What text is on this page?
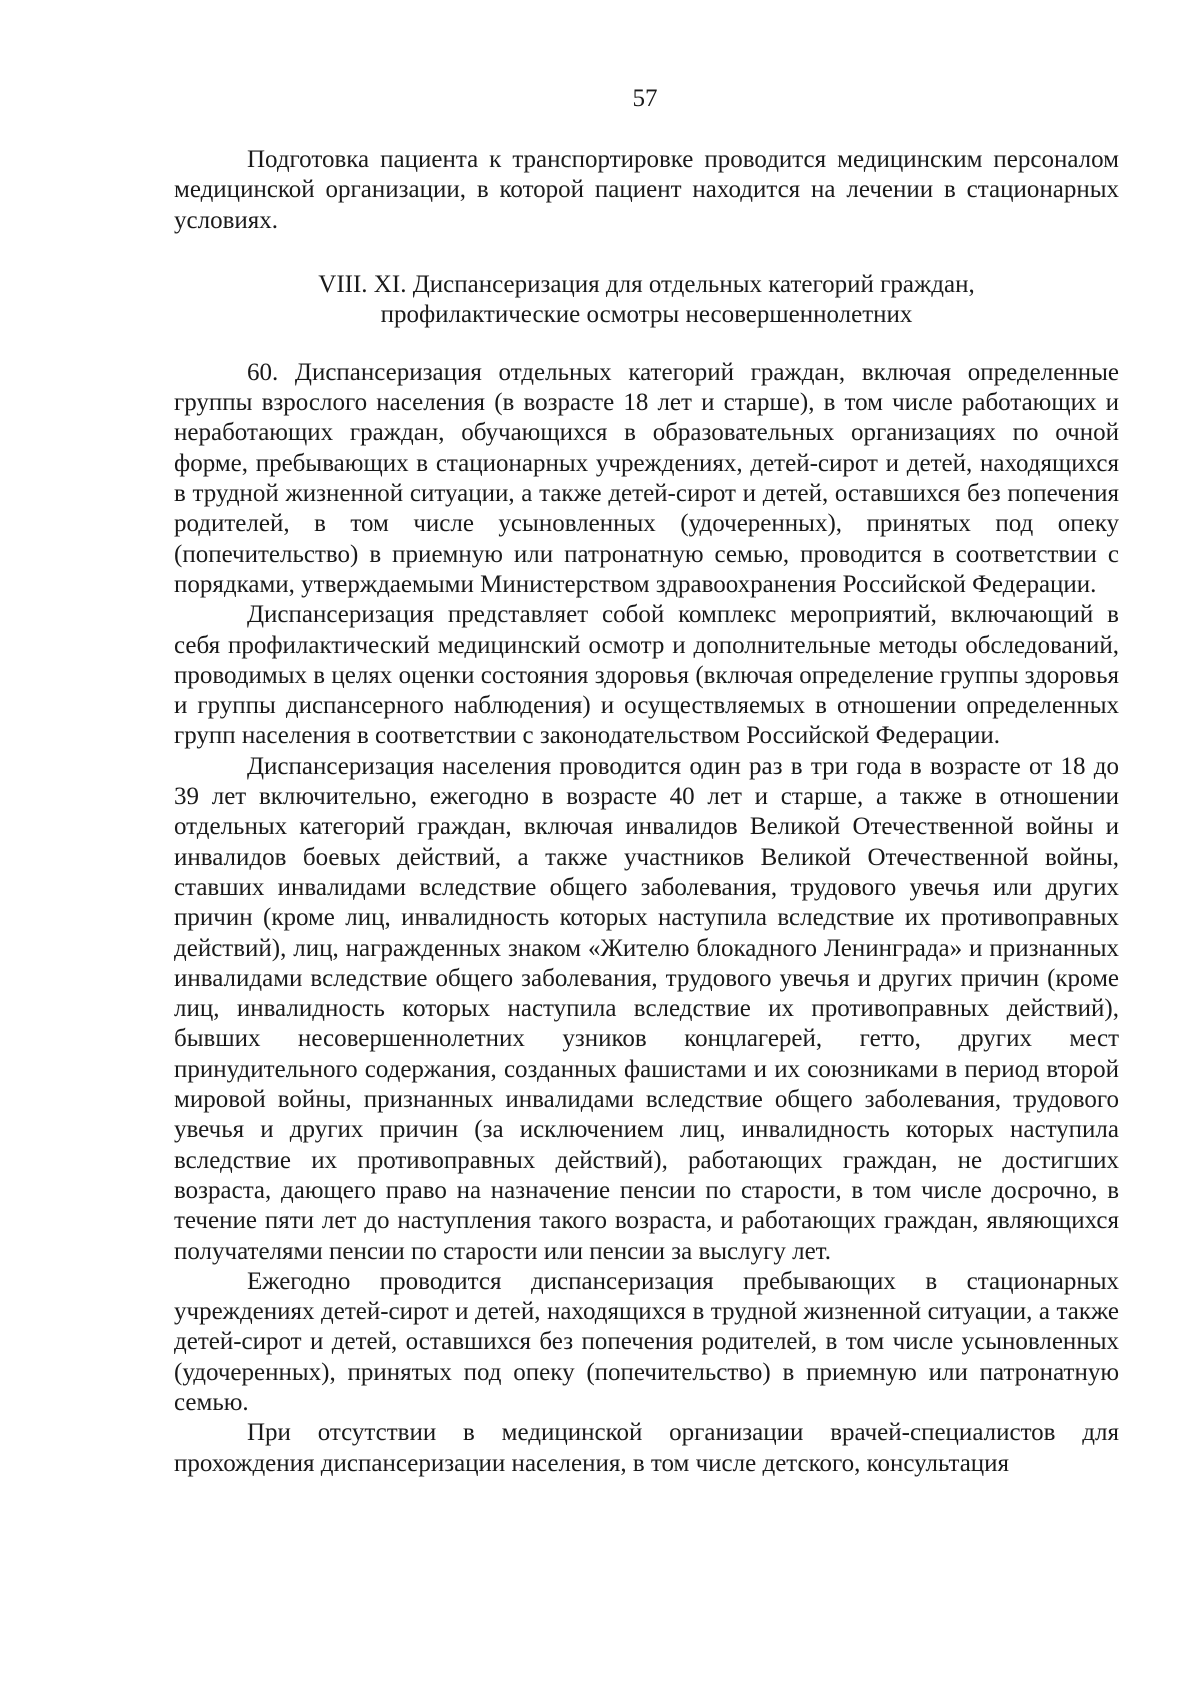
57

Подготовка пациента к транспортировке проводится медицинским персоналом медицинской организации, в которой пациент находится на лечении в стационарных условиях.

VIII. XI. Диспансеризация для отдельных категорий граждан,
профилактические осмотры несовершеннолетних

60. Диспансеризация отдельных категорий граждан, включая определенные группы взрослого населения (в возрасте 18 лет и старше), в том числе работающих и неработающих граждан, обучающихся в образовательных организациях по очной форме, пребывающих в стационарных учреждениях, детей-сирот и детей, находящихся в трудной жизненной ситуации, а также детей-сирот и детей, оставшихся без попечения родителей, в том числе усыновленных (удочеренных), принятых под опеку (попечительство) в приемную или патронатную семью, проводится в соответствии с порядками, утверждаемыми Министерством здравоохранения Российской Федерации.

Диспансеризация представляет собой комплекс мероприятий, включающий в себя профилактический медицинский осмотр и дополнительные методы обследований, проводимых в целях оценки состояния здоровья (включая определение группы здоровья и группы диспансерного наблюдения) и осуществляемых в отношении определенных групп населения в соответствии с законодательством Российской Федерации.

Диспансеризация населения проводится один раз в три года в возрасте от 18 до 39 лет включительно, ежегодно в возрасте 40 лет и старше, а также в отношении отдельных категорий граждан, включая инвалидов Великой Отечественной войны и инвалидов боевых действий, а также участников Великой Отечественной войны, ставших инвалидами вследствие общего заболевания, трудового увечья или других причин (кроме лиц, инвалидность которых наступила вследствие их противоправных действий), лиц, награжденных знаком «Жителю блокадного Ленинграда» и признанных инвалидами вследствие общего заболевания, трудового увечья и других причин (кроме лиц, инвалидность которых наступила вследствие их противоправных действий), бывших несовершеннолетних узников концлагерей, гетто, других мест принудительного содержания, созданных фашистами и их союзниками в период второй мировой войны, признанных инвалидами вследствие общего заболевания, трудового увечья и других причин (за исключением лиц, инвалидность которых наступила вследствие их противоправных действий), работающих граждан, не достигших возраста, дающего право на назначение пенсии по старости, в том числе досрочно, в течение пяти лет до наступления такого возраста, и работающих граждан, являющихся получателями пенсии по старости или пенсии за выслугу лет.

Ежегодно проводится диспансеризация пребывающих в стационарных учреждениях детей-сирот и детей, находящихся в трудной жизненной ситуации, а также детей-сирот и детей, оставшихся без попечения родителей, в том числе усыновленных (удочеренных), принятых под опеку (попечительство) в приемную или патронатную семью.

При отсутствии в медицинской организации врачей-специалистов для прохождения диспансеризации населения, в том числе детского, консультация
